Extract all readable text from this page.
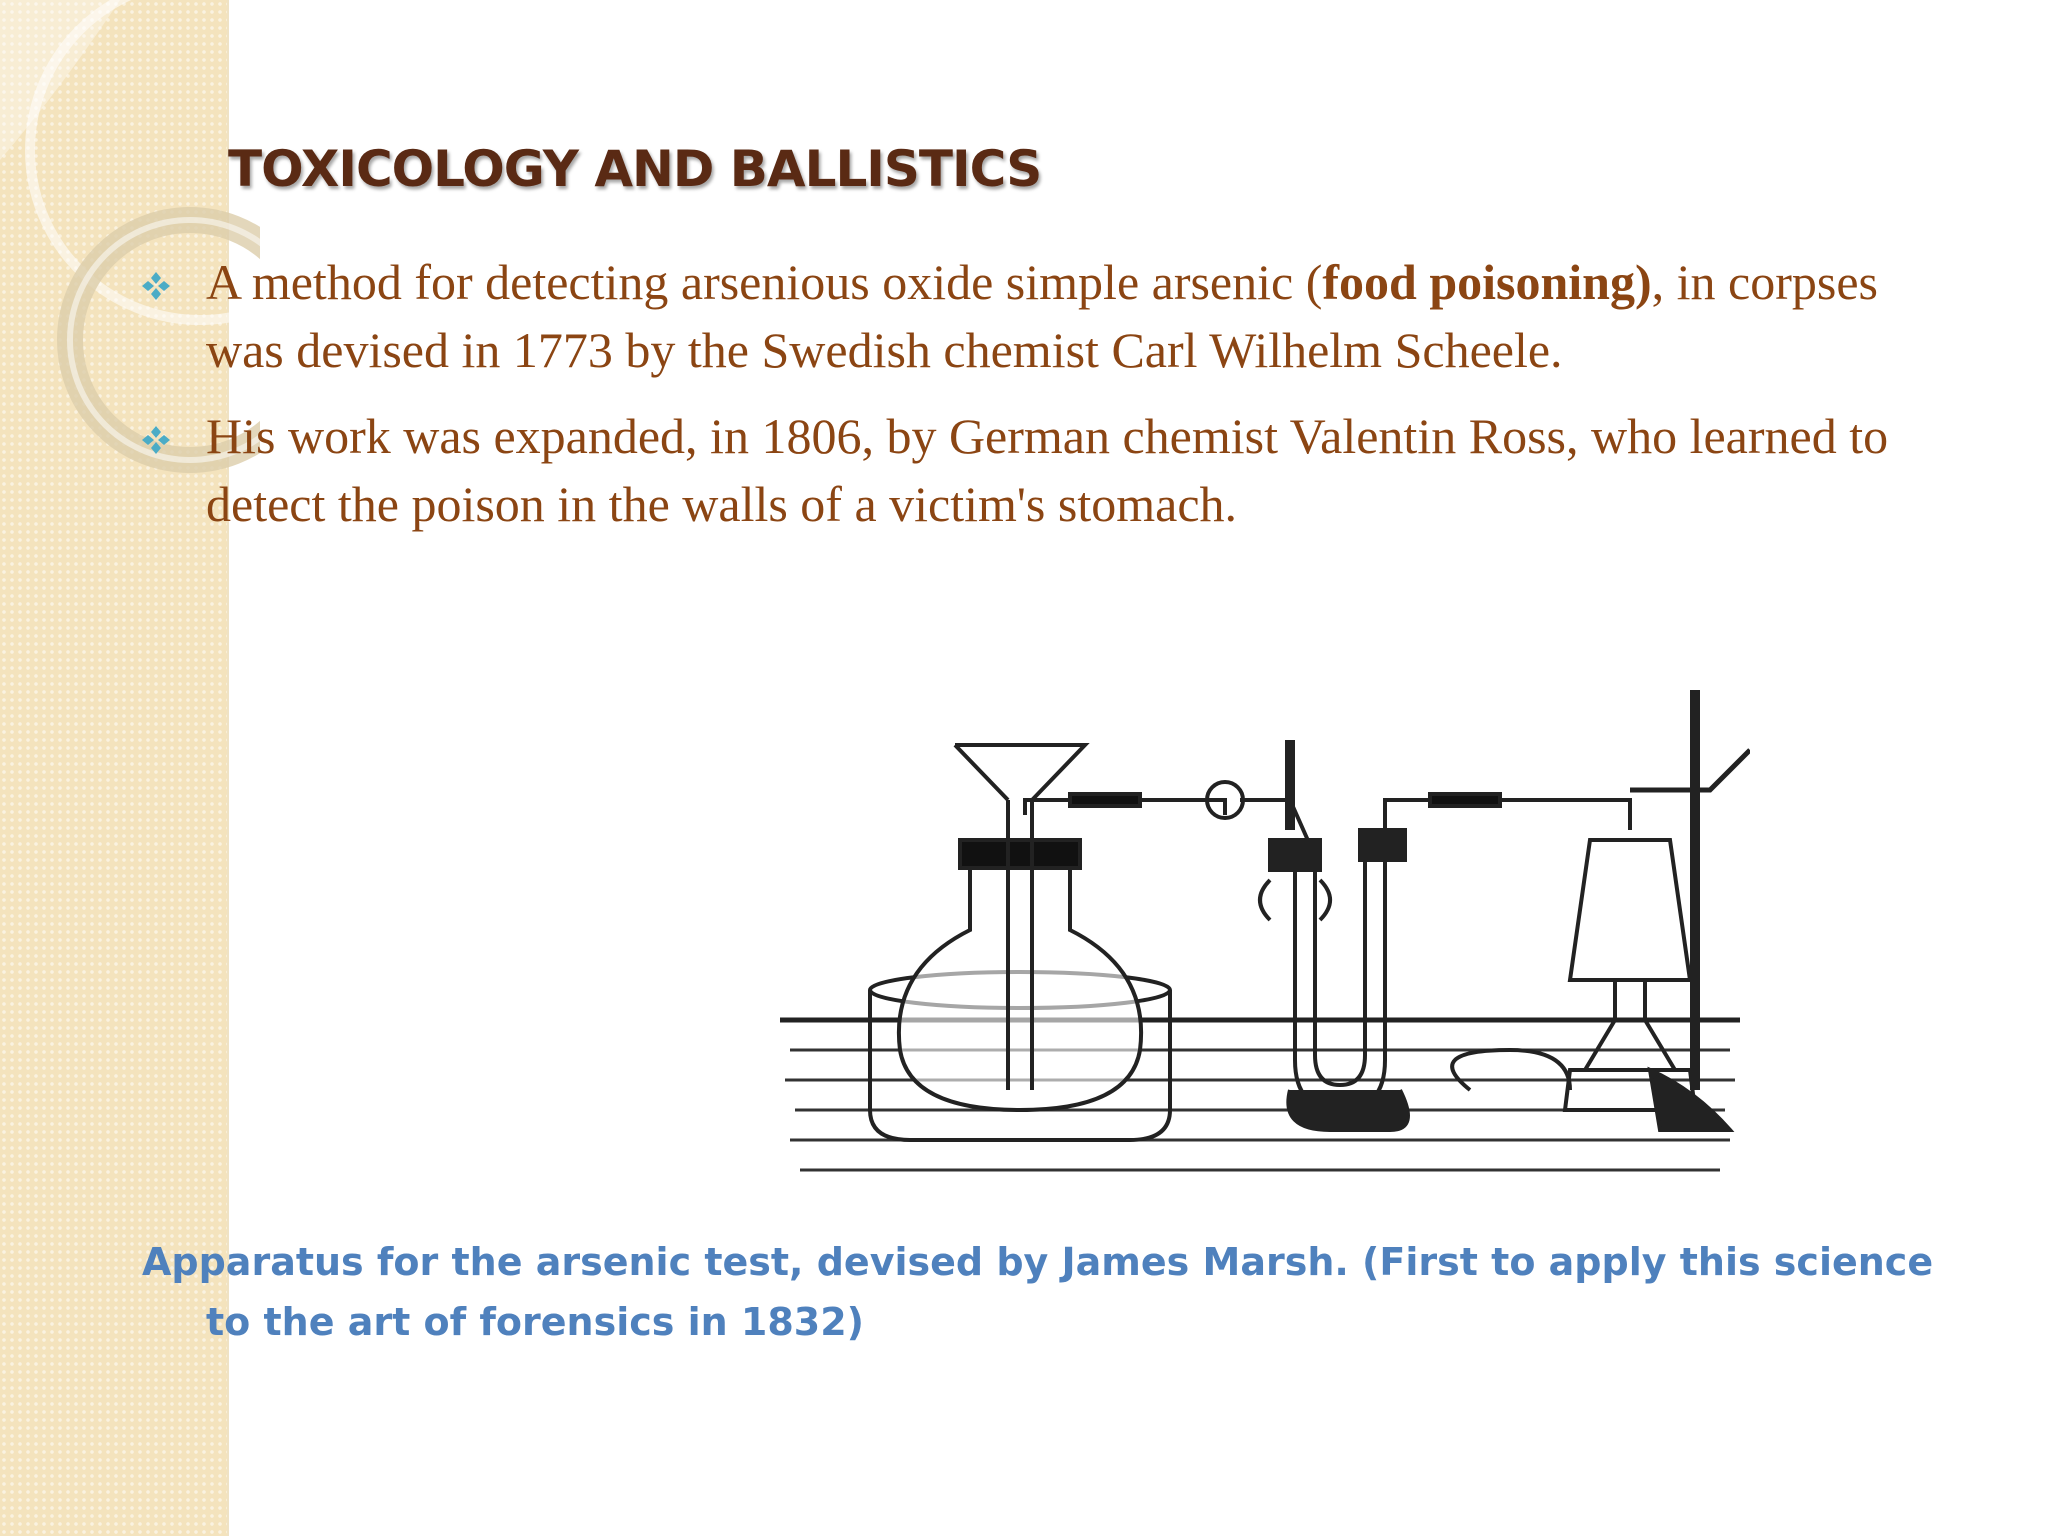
TOXICOLOGY AND BALLISTICS
A method for detecting arsenious oxide simple arsenic (food poisoning), in corpses was devised in 1773 by the Swedish chemist Carl Wilhelm Scheele.
His work was expanded, in 1806, by German chemist Valentin Ross, who learned to detect the poison in the walls of a victim's stomach.

Apparatus for the arsenic test, devised by James Marsh. (First to apply this science to the art of forensics in 1832)
